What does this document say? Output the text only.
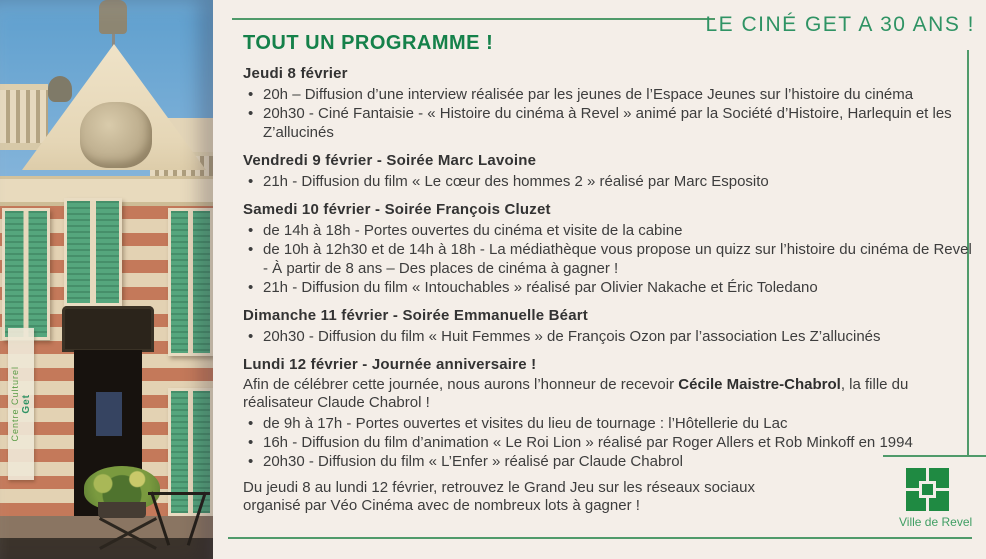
Centre Culturel Get
LE CINÉ GET A 30 ANS !
TOUT UN PROGRAMME !
Jeudi 8 février
• 20h – Diffusion d’une interview réalisée par les jeunes de l’Espace Jeunes sur l’histoire du cinéma
• 20h30 - Ciné Fantaisie - « Histoire du cinéma à Revel » animé par la Société d’Histoire, Harlequin et les Z’allucinés
Vendredi 9 février - Soirée Marc Lavoine
• 21h - Diffusion du film « Le cœur des hommes 2 » réalisé par Marc Esposito
Samedi 10 février - Soirée François Cluzet
• de 14h à 18h - Portes ouvertes du cinéma et visite de la cabine
• de 10h à 12h30 et de 14h à 18h - La médiathèque vous propose un quizz sur l’histoire du cinéma de Revel - À partir de 8 ans – Des places de cinéma à gagner !
• 21h - Diffusion du film « Intouchables » réalisé par Olivier Nakache et Éric Toledano
Dimanche 11 février - Soirée Emmanuelle Béart
• 20h30 - Diffusion du film « Huit Femmes » de François Ozon par l’association Les Z’allucinés
Lundi 12 février - Journée anniversaire !

Afin de célébrer cette journée, nous aurons l’honneur de recevoir Cécile Maistre-Chabrol, la fille du réalisateur Claude Chabrol !

• de 9h à 17h - Portes ouvertes et visites du lieu de tournage : l’Hôtellerie du Lac
• 16h - Diffusion du film d’animation « Le Roi Lion » réalisé par Roger Allers et Rob Minkoff en 1994
• 20h30 - Diffusion du film « L’Enfer » réalisé par Claude Chabrol

Du jeudi 8 au lundi 12 février, retrouvez le Grand Jeu sur les réseaux sociaux
organisé par Véo Cinéma avec de nombreux lots à gagner !

Ville de Revel
